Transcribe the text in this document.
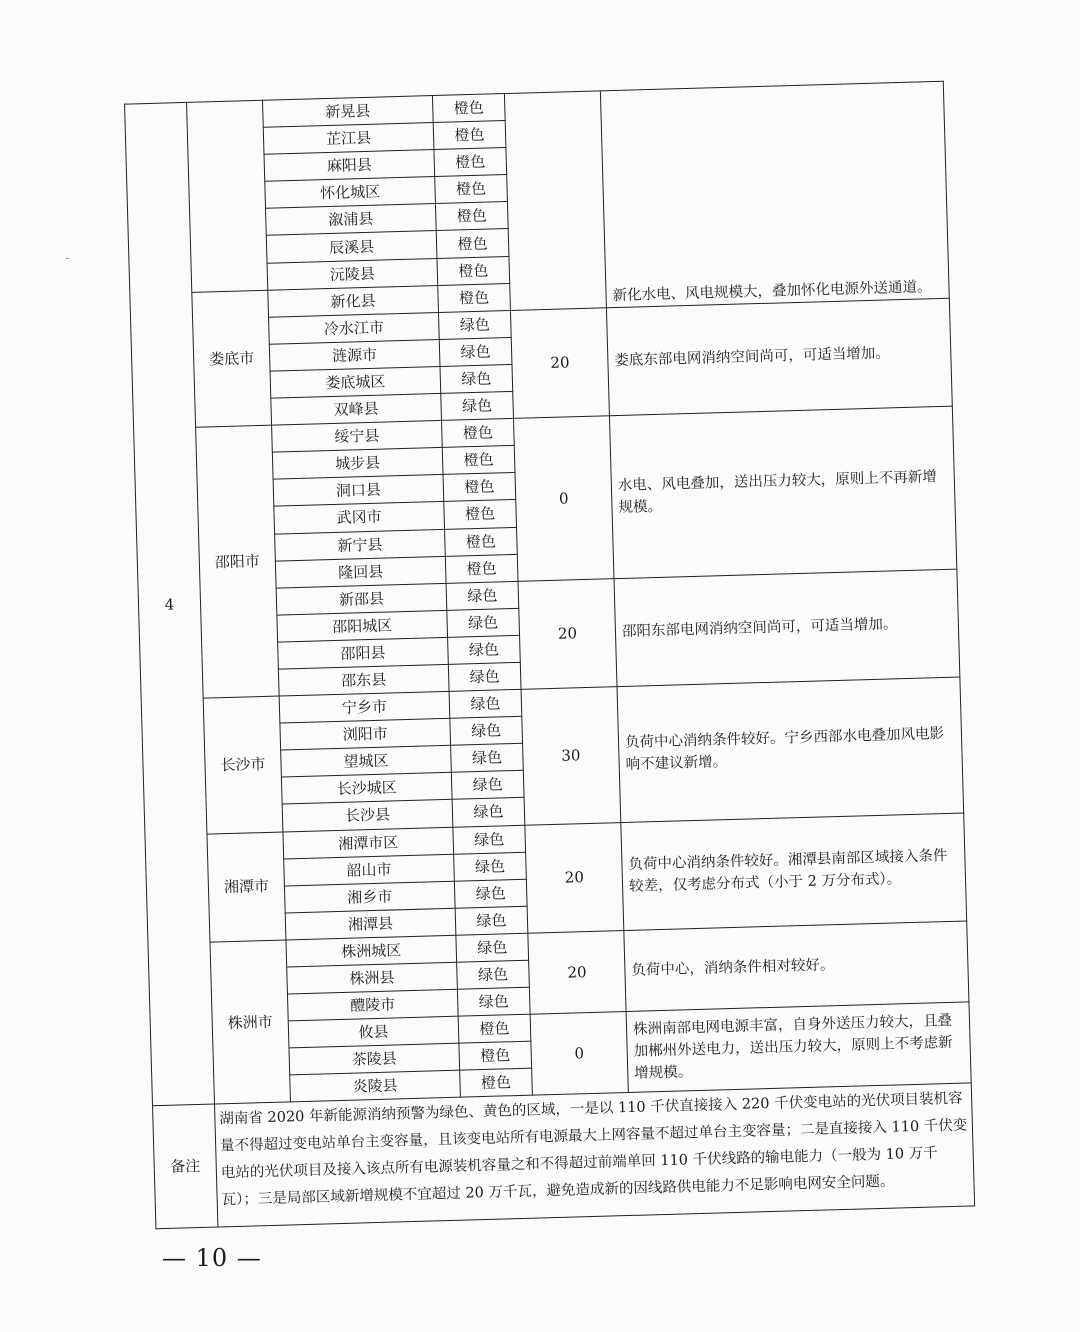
4		新晃县	橙色		新化水电、风电规模大，叠加怀化电源外送通道。
		芷江县	橙色		
		麻阳县	橙色		
		怀化城区	橙色		
		溆浦县	橙色		
		辰溪县	橙色		
		沅陵县	橙色		
	娄底市	新化县	橙色		
		冷水江市	绿色	20	娄底东部电网消纳空间尚可，可适当增加。
		涟源市	绿色		
		娄底城区	绿色		
		双峰县	绿色		
	邵阳市	绥宁县	橙色	0	水电、风电叠加，送出压力较大，原则上不再新增规模。
		城步县	橙色		
		洞口县	橙色		
		武冈市	橙色		
		新宁县	橙色		
		隆回县	橙色		
		新邵县	绿色	20	邵阳东部电网消纳空间尚可，可适当增加。
		邵阳城区	绿色		
		邵阳县	绿色		
		邵东县	绿色		
	长沙市	宁乡市	绿色	30	负荷中心消纳条件较好。宁乡西部水电叠加风电影响不建议新增。
		浏阳市	绿色		
		望城区	绿色		
		长沙城区	绿色		
		长沙县	绿色		
	湘潭市	湘潭市区	绿色	20	负荷中心消纳条件较好。湘潭县南部区域接入条件较差，仅考虑分布式（小于 2 万分布式）。
		韶山市	绿色		
		湘乡市	绿色		
		湘潭县	绿色		
	株洲市	株洲城区	绿色	20	负荷中心，消纳条件相对较好。
		株洲县	绿色		
		醴陵市	绿色		
		攸县	橙色	0	株洲南部电网电源丰富，自身外送压力较大，且叠加郴州外送电力，送出压力较大，原则上不考虑新增规模。
		茶陵县	橙色		
		炎陵县	橙色		
备注	湖南省 2020 年新能源消纳预警为绿色、黄色的区域，一是以 110 千伏直接接入 220 千伏变电站的光伏项目装机容量不得超过变电站单台主变容量，且该变电站所有电源最大上网容量不超过单台主变容量；二是直接接入 110 千伏变电站的光伏项目及接入该点所有电源装机容量之和不得超过前端单回 110 千伏线路的输电能力（一般为 10 万千瓦）；三是局部区域新增规模不宜超过 20 万千瓦，避免造成新的因线路供电能力不足影响电网安全问题。				
— 10 —
